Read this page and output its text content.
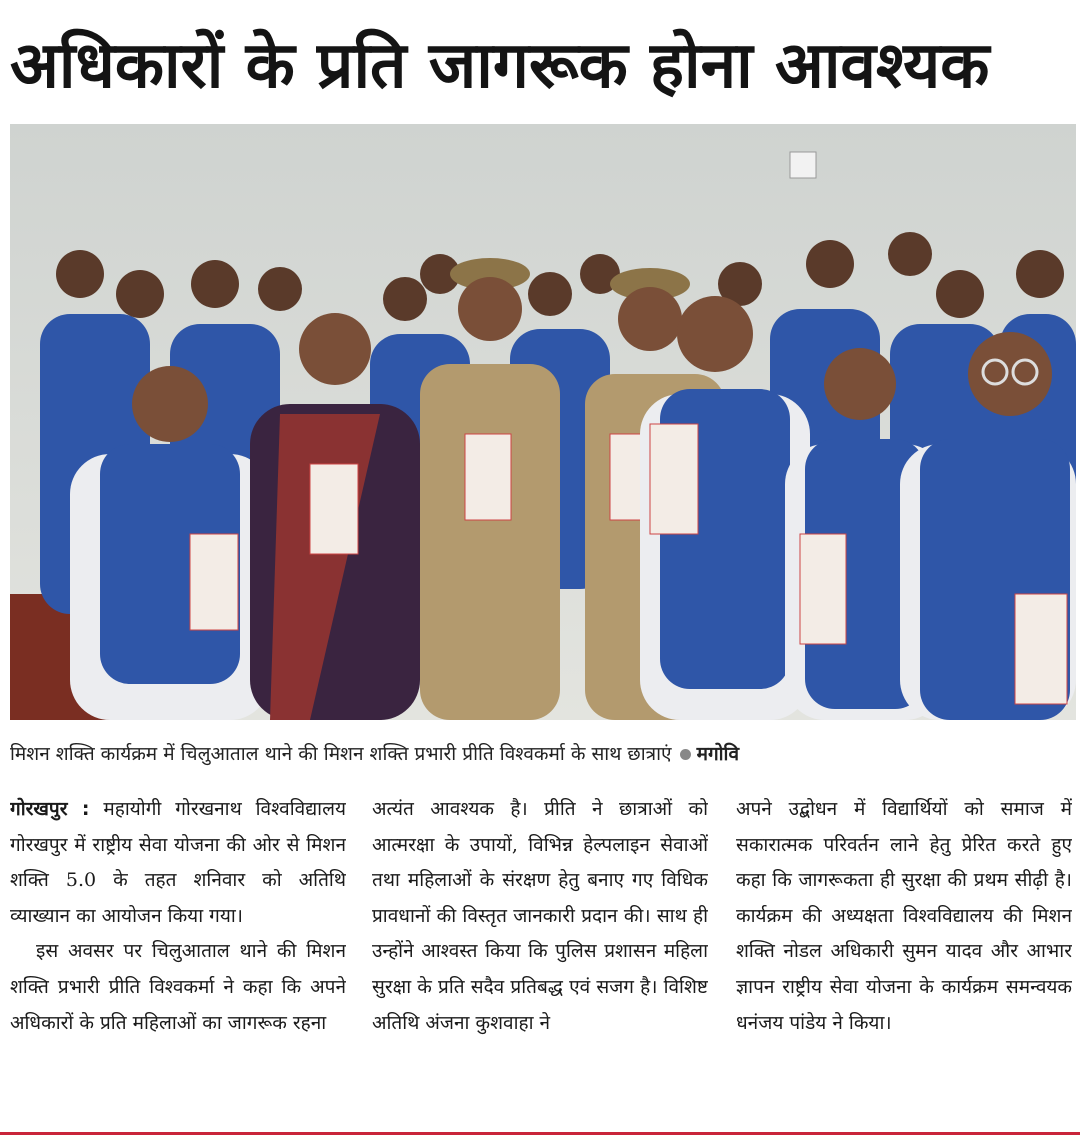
अधिकारों के प्रति जागरूक होना आवश्यक
मिशन शक्ति कार्यक्रम में चिलुआताल थाने की मिशन शक्ति प्रभारी प्रीति विश्वकर्मा के साथ छात्राएं मगोवि

गोरखपुर : महायोगी गोरखनाथ विश्वविद्यालय गोरखपुर में राष्ट्रीय सेवा योजना की ओर से मिशन शक्ति 5.0 के तहत शनिवार को अतिथि व्याख्यान का आयोजन किया गया।

इस अवसर पर चिलुआताल थाने की मिशन शक्ति प्रभारी प्रीति विश्वकर्मा ने कहा कि अपने अधिकारों के प्रति महिलाओं का जागरूक रहना

अत्यंत आवश्यक है। प्रीति ने छात्राओं को आत्मरक्षा के उपायों, विभिन्न हेल्पलाइन सेवाओं तथा महिलाओं के संरक्षण हेतु बनाए गए विधिक प्रावधानों की विस्तृत जानकारी प्रदान की। साथ ही उन्होंने आश्वस्त किया कि पुलिस प्रशासन महिला सुरक्षा के प्रति सदैव प्रतिबद्ध एवं सजग है। विशिष्ट अतिथि अंजना कुशवाहा ने

अपने उद्बोधन में विद्यार्थियों को समाज में सकारात्मक परिवर्तन लाने हेतु प्रेरित करते हुए कहा कि जागरूकता ही सुरक्षा की प्रथम सीढ़ी है। कार्यक्रम की अध्यक्षता विश्वविद्यालय की मिशन शक्ति नोडल अधिकारी सुमन यादव और आभार ज्ञापन राष्ट्रीय सेवा योजना के कार्यक्रम समन्वयक धनंजय पांडेय ने किया।
